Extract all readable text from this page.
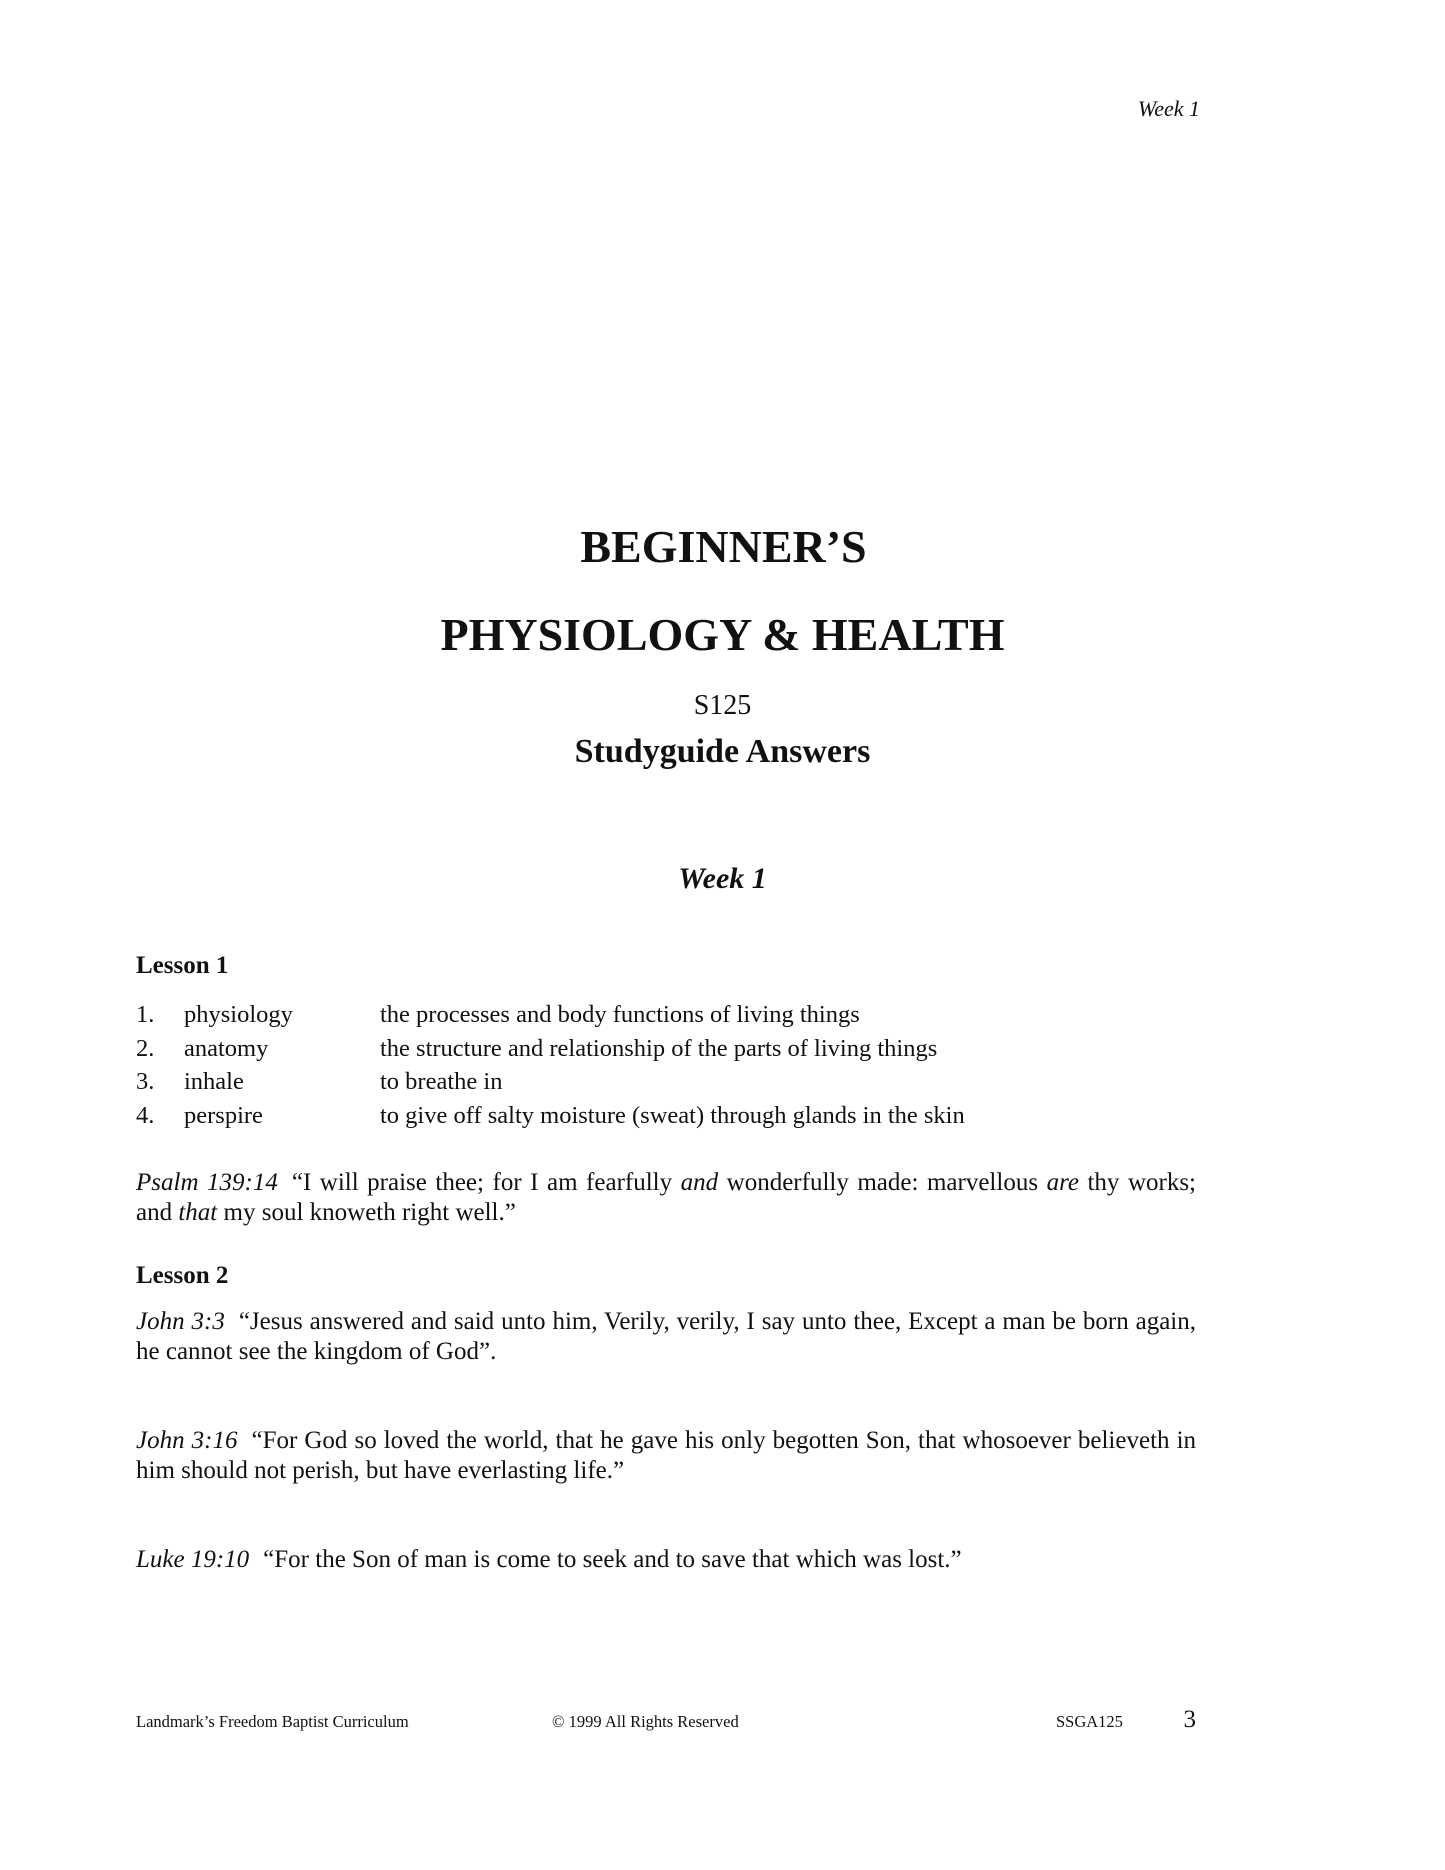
Week 1
BEGINNER’S
PHYSIOLOGY & HEALTH
S125
Studyguide Answers
Week 1
Lesson 1
1.	physiology	the processes and body functions of living things
2.	anatomy	the structure and relationship of the parts of living things
3.	inhale	to breathe in
4.	perspire	to give off salty moisture (sweat) through glands in the skin
Psalm 139:14 “I will praise thee; for I am fearfully and wonderfully made: marvellous are thy works; and that my soul knoweth right well.”
Lesson 2
John 3:3 “Jesus answered and said unto him, Verily, verily, I say unto thee, Except a man be born again, he cannot see the kingdom of God”.
John 3:16 “For God so loved the world, that he gave his only begotten Son, that whosoever believeth in him should not perish, but have everlasting life.”
Luke 19:10 “For the Son of man is come to seek and to save that which was lost.”
Landmark’s Freedom Baptist Curriculum	© 1999 All Rights Reserved	SSGA125 3
